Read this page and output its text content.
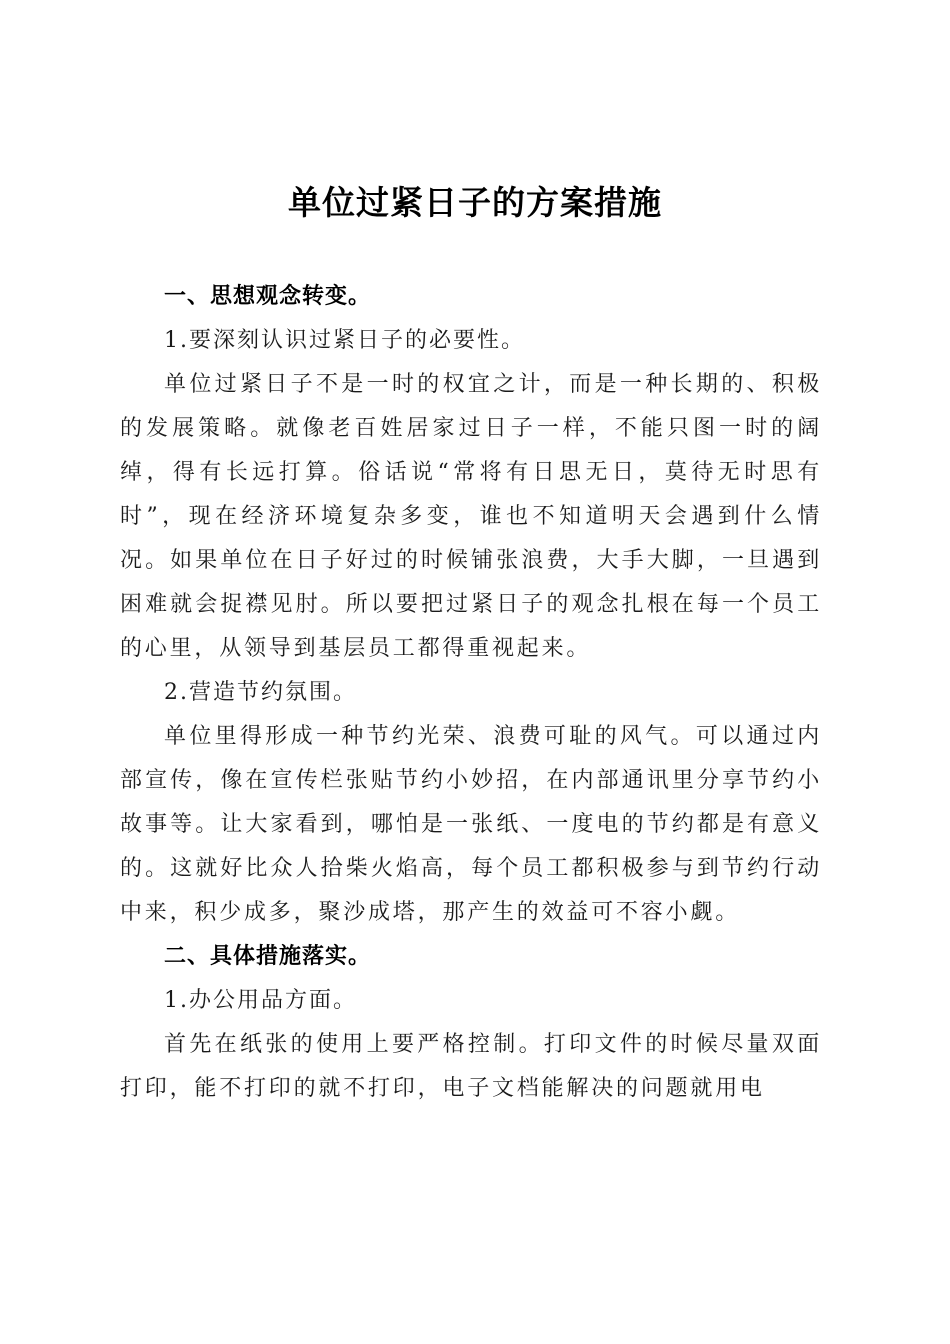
单位过紧日子的方案措施

一、思想观念转变。

1.要深刻认识过紧日子的必要性。

单位过紧日子不是一时的权宜之计，而是一种长期的、积极的发展策略。就像老百姓居家过日子一样，不能只图一时的阔绰，得有长远打算。俗话说“常将有日思无日，莫待无时思有时”，现在经济环境复杂多变，谁也不知道明天会遇到什么情况。如果单位在日子好过的时候铺张浪费，大手大脚，一旦遇到困难就会捉襟见肘。所以要把过紧日子的观念扎根在每一个员工的心里，从领导到基层员工都得重视起来。

2.营造节约氛围。

单位里得形成一种节约光荣、浪费可耻的风气。可以通过内部宣传，像在宣传栏张贴节约小妙招，在内部通讯里分享节约小故事等。让大家看到，哪怕是一张纸、一度电的节约都是有意义的。这就好比众人拾柴火焰高，每个员工都积极参与到节约行动中来，积少成多，聚沙成塔，那产生的效益可不容小觑。

二、具体措施落实。

1.办公用品方面。

首先在纸张的使用上要严格控制。打印文件的时候尽量双面打印，能不打印的就不打印，电子文档能解决的问题就用电
